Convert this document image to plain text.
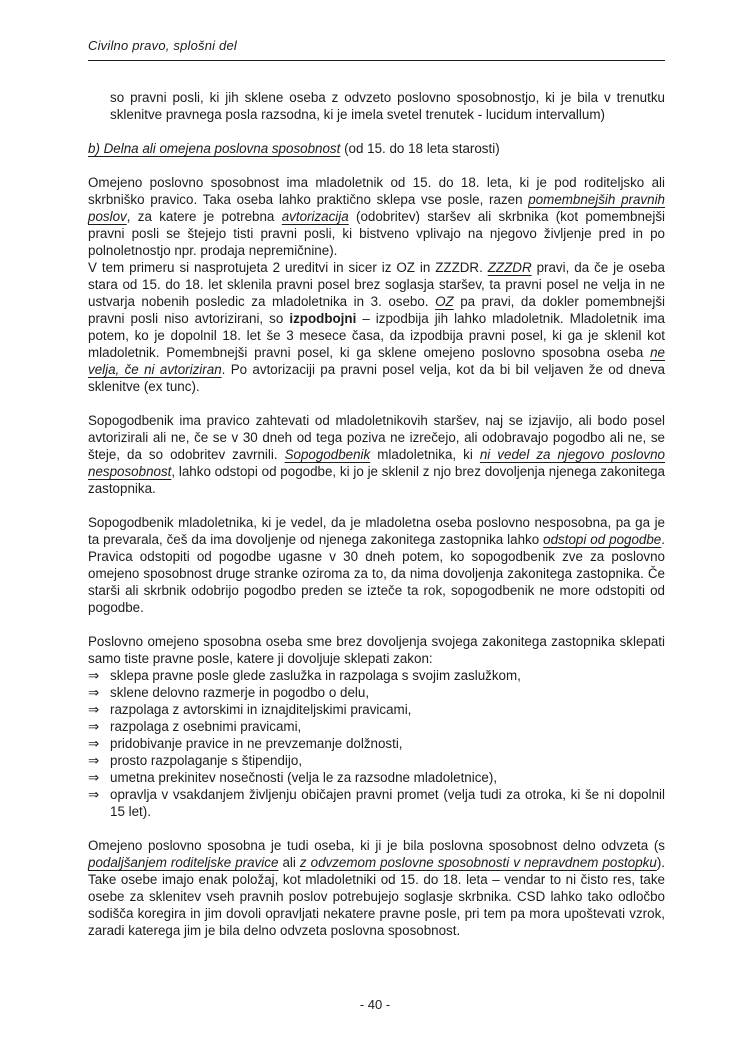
Civilno pravo, splošni del

so pravni posli, ki jih sklene oseba z odvzeto poslovno sposobnostjo, ki je bila v trenutku sklenitve pravnega posla razsodna, ki je imela svetel trenutek - lucidum intervallum)

b) Delna ali omejena poslovna sposobnost (od 15. do 18 leta starosti)

Omejeno poslovno sposobnost ima mladoletnik od 15. do 18. leta, ki je pod roditeljsko ali skrbniško pravico. Taka oseba lahko praktično sklepa vse posle, razen pomembnejših pravnih poslov, za katere je potrebna avtorizacija (odobritev) staršev ali skrbnika (kot pomembnejši pravni posli se štejejo tisti pravni posli, ki bistveno vplivajo na njegovo življenje pred in po polnoletnostjo npr. prodaja nepremičnine).

V tem primeru si nasprotujeta 2 ureditvi in sicer iz OZ in ZZZDR. ZZZDR pravi, da če je oseba stara od 15. do 18. let sklenila pravni posel brez soglasja staršev, ta pravni posel ne velja in ne ustvarja nobenih posledic za mladoletnika in 3. osebo. OZ pa pravi, da dokler pomembnejši pravni posli niso avtorizirani, so izpodbojni – izpodbija jih lahko mladoletnik. Mladoletnik ima potem, ko je dopolnil 18. let še 3 mesece časa, da izpodbija pravni posel, ki ga je sklenil kot mladoletnik. Pomembnejši pravni posel, ki ga sklene omejeno poslovno sposobna oseba ne velja, če ni avtoriziran. Po avtorizaciji pa pravni posel velja, kot da bi bil veljaven že od dneva sklenitve (ex tunc).

Sopogodbenik ima pravico zahtevati od mladoletnikovih staršev, naj se izjavijo, ali bodo posel avtorizirali ali ne, če se v 30 dneh od tega poziva ne izrečejo, ali odobravajo pogodbo ali ne, se šteje, da so odobritev zavrnili. Sopogodbenik mladoletnika, ki ni vedel za njegovo poslovno nesposobnost, lahko odstopi od pogodbe, ki jo je sklenil z njo brez dovoljenja njenega zakonitega zastopnika.

Sopogodbenik mladoletnika, ki je vedel, da je mladoletna oseba poslovno nesposobna, pa ga je ta prevarala, češ da ima dovoljenje od njenega zakonitega zastopnika lahko odstopi od pogodbe. Pravica odstopiti od pogodbe ugasne v 30 dneh potem, ko sopogodbenik zve za poslovno omejeno sposobnost druge stranke oziroma za to, da nima dovoljenja zakonitega zastopnika. Če starši ali skrbnik odobrijo pogodbo preden se izteče ta rok, sopogodbenik ne more odstopiti od pogodbe.

Poslovno omejeno sposobna oseba sme brez dovoljenja svojega zakonitega zastopnika sklepati samo tiste pravne posle, katere ji dovoljuje sklepati zakon:

⇒ sklepa pravne posle glede zaslužka in razpolaga s svojim zaslužkom,
⇒ sklene delovno razmerje in pogodbo o delu,
⇒ razpolaga z avtorskimi in iznajditeljskimi pravicami,
⇒ razpolaga z osebnimi pravicami,
⇒ pridobivanje pravice in ne prevzemanje dolžnosti,
⇒ prosto razpolaganje s štipendijo,
⇒ umetna prekinitev nosečnosti (velja le za razsodne mladoletnice),
⇒ opravlja v vsakdanjem življenju običajen pravni promet (velja tudi za otroka, ki še ni dopolnil 15 let).

Omejeno poslovno sposobna je tudi oseba, ki ji je bila poslovna sposobnost delno odvzeta (s podaljšanjem roditeljske pravice ali z odvzemom poslovne sposobnosti v nepravdnem postopku). Take osebe imajo enak položaj, kot mladoletniki od 15. do 18. leta – vendar to ni čisto res, take osebe za sklenitev vseh pravnih poslov potrebujejo soglasje skrbnika. CSD lahko tako odločbo sodišča koregira in jim dovoli opravljati nekatere pravne posle, pri tem pa mora upoštevati vzrok, zaradi katerega jim je bila delno odvzeta poslovna sposobnost.

- 40 -
